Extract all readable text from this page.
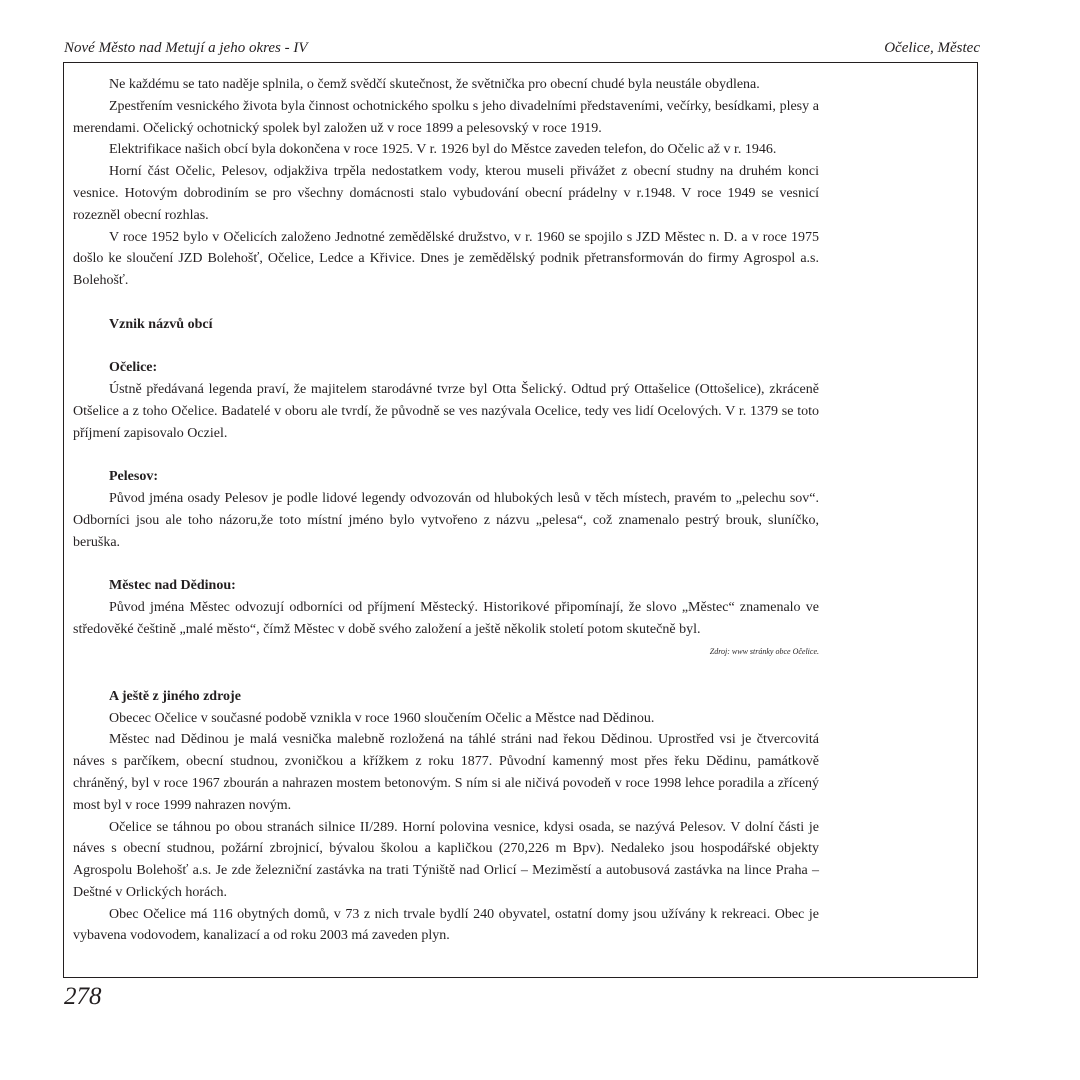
Nové Město nad Metují a jeho okres - IV	Očelice, Městec

Ne každému se tato naděje splnila, o čemž svědčí skutečnost, že světnička pro obecní chudé byla neustále obydlena.

Zpestřením vesnického života byla činnost ochotnického spolku s jeho divadelními představeními, večírky, besídkami, plesy a merendami. Očelický ochotnický spolek byl založen už v roce 1899 a pelesovský v roce 1919.

Elektrifikace našich obcí byla dokončena v roce 1925. V r. 1926 byl do Městce zaveden telefon, do Očelic až v r. 1946.

Horní část Očelic, Pelesov, odjakživa trpěla nedostatkem vody, kterou museli přivážet z obecní studny na druhém konci vesnice. Hotovým dobrodiním se pro všechny domácnosti stalo vybudování obecní prádelny v r.1948. V roce 1949 se vesnicí rozezněl obecní rozhlas.

V roce 1952 bylo v Očelicích založeno Jednotné zemědělské družstvo, v r. 1960 se spojilo s JZD Městec n. D. a v roce 1975 došlo ke sloučení JZD Bolehošť, Očelice, Ledce a Křivice. Dnes je zemědělský podnik přetransformován do firmy Agrospol a.s. Bolehošť.

Vznik názvů obcí
Očelice:

Ústně předávaná legenda praví, že majitelem starodávné tvrze byl Otta Šelický. Odtud prý Ottašelice (Ottošelice), zkráceně Otšelice a z toho Očelice. Badatelé v oboru ale tvrdí, že původně se ves nazývala Ocelice, tedy ves lidí Ocelových. V r. 1379 se toto příjmení zapisovalo Ocziel.

Pelesov:

Původ jména osady Pelesov je podle lidové legendy odvozován od hlubokých lesů v těch místech, pravém to „pelechu sov“. Odborníci jsou ale toho názoru,že toto místní jméno bylo vytvořeno z názvu „pelesa“, což znamenalo pestrý brouk, sluníčko, beruška.

Městec nad Dědinou:

Původ jména Městec odvozují odborníci od příjmení Městecký. Historikové připomínají, že slovo „Městec“ znamenalo ve středověké češtině „malé město“, čímž Městec v době svého založení a ještě několik století potom skutečně byl.

Zdroj: www stránky obce Očelice.
A ještě z jiného zdroje

Obecec Očelice v současné podobě vznikla v roce 1960 sloučením Očelic a Městce nad Dědinou.

Městec nad Dědinou je malá vesnička malebně rozložená na táhlé stráni nad řekou Dědinou. Uprostřed vsi je čtvercovitá náves s parčíkem, obecní studnou, zvoničkou a křížkem z roku 1877. Původní kamenný most přes řeku Dědinu, památkově chráněný, byl v roce 1967 zbourán a nahrazen mostem betonovým. S ním si ale ničivá povodeň v roce 1998 lehce poradila a zřícený most byl v roce 1999 nahrazen novým.

Očelice se táhnou po obou stranách silnice II/289. Horní polovina vesnice, kdysi osada, se nazývá Pelesov. V dolní části je náves s obecní studnou, požární zbrojnicí, bývalou školou a kapličkou (270,226 m Bpv). Nedaleko jsou hospodářské objekty Agrospolu Bolehošť a.s. Je zde železniční zastávka na trati Týniště nad Orlicí – Meziměstí a autobusová zastávka na lince Praha – Deštné v Orlických horách.

Obec Očelice má 116 obytných domů, v 73 z nich trvale bydlí 240 obyvatel, ostatní domy jsou užívány k rekreaci. Obec je vybavena vodovodem, kanalizací a od roku 2003 má zaveden plyn.

278
